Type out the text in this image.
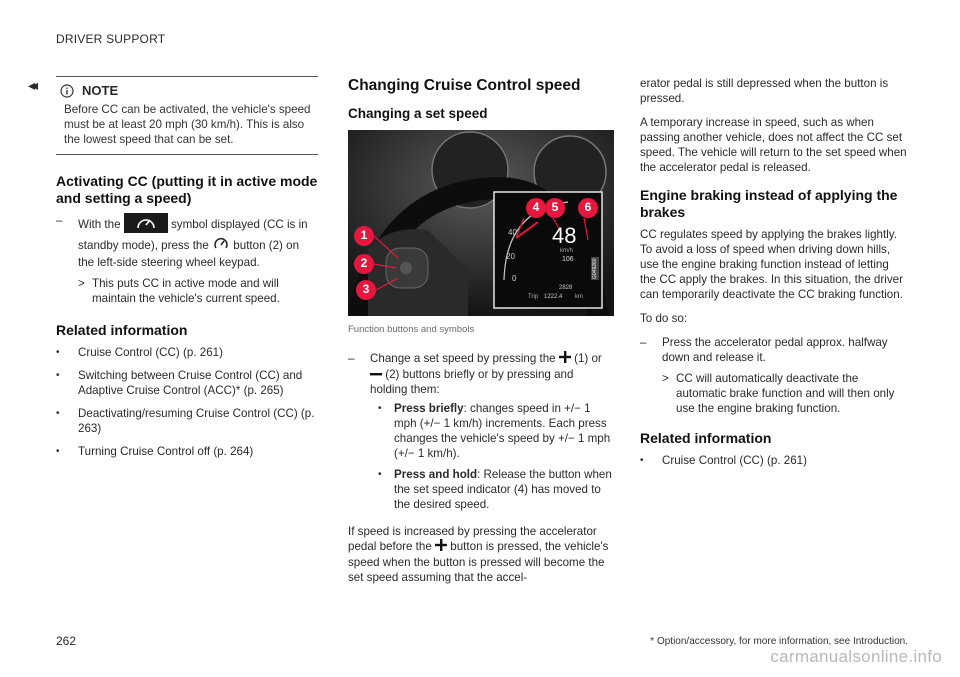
DRIVER SUPPORT
◂◂	NOTE
Before CC can be activated, the vehicle's speed must be at least 20 mph (30 km/h). This is also the lowest speed that can be set.
Activating CC (putting it in active mode and setting a speed)
–	With the	symbol displayed (CC is in standby mode), press the button (2) on the left-side steering wheel keypad.
> This puts CC in active mode and will maintain the vehicle's current speed.
Related information
•	Cruise Control (CC) (p. 261)
•	Switching between Cruise Control (CC) and Adaptive Cruise Control (ACC)* (p. 265)
•	Deactivating/resuming Cruise Control (CC) (p. 263)
•	Turning Cruise Control off (p. 264)
Changing Cruise Control speed
Changing a set speed
1
2
3
4 5 6
48
km/h
106
40
20
0
2828
Trip 1222.4 km
G049260
Function buttons and symbols
–	Change a set speed by pressing the (1) or  (2) buttons briefly or by pressing and holding them:
•	Press briefly: changes speed in +/− 1 mph (+/− 1 km/h) increments. Each press changes the vehicle's speed by +/− 1 mph (+/− 1 km/h).
•	Press and hold: Release the button when the set speed indicator (4) has moved to the desired speed.

If speed is increased by pressing the accelerator pedal before the button is pressed, the vehicle's speed when the button is pressed will become the set speed assuming that the accel-

erator pedal is still depressed when the button is pressed.

A temporary increase in speed, such as when passing another vehicle, does not affect the CC set speed. The vehicle will return to the set speed when the accelerator pedal is released.

Engine braking instead of applying the brakes

CC regulates speed by applying the brakes lightly. To avoid a loss of speed when driving down hills, use the engine braking function instead of letting the CC apply the brakes. In this situation, the driver can temporarily deactivate the CC braking function.

To do so:

–	Press the accelerator pedal approx. halfway down and release it.
> CC will automatically deactivate the automatic brake function and will then only use the engine braking function.
Related information
•	Cruise Control (CC) (p. 261)
262	* Option/accessory, for more information, see Introduction.
carmanualsonline.info
